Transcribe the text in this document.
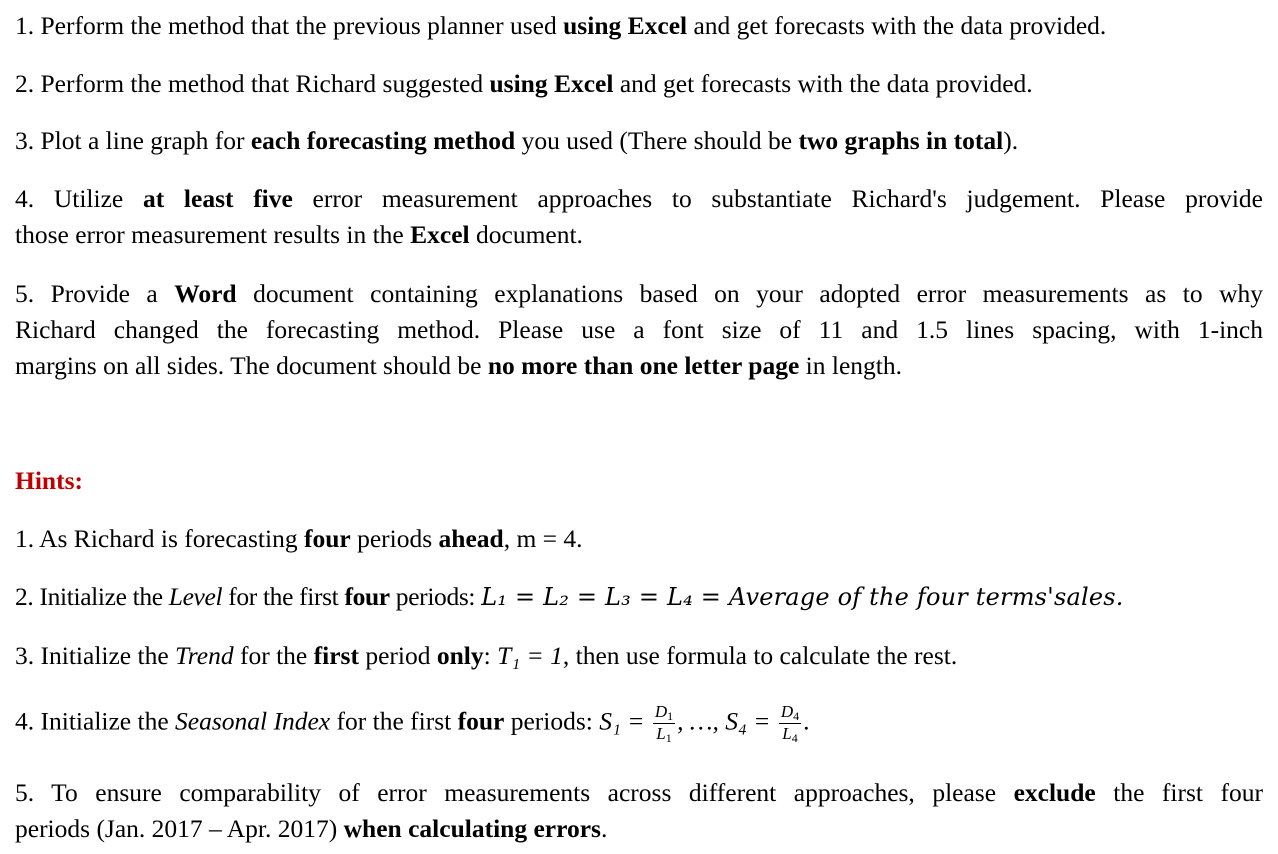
1. Perform the method that the previous planner used using Excel and get forecasts with the data provided.

2. Perform the method that Richard suggested using Excel and get forecasts with the data provided.

3. Plot a line graph for each forecasting method you used (There should be two graphs in total).

4. Utilize at least five error measurement approaches to substantiate Richard's judgement. Please provide
those error measurement results in the Excel document.
5. Provide a Word document containing explanations based on your adopted error measurements as to why
Richard changed the forecasting method. Please use a font size of 11 and 1.5 lines spacing, with 1-inch
margins on all sides. The document should be no more than one letter page in length.

Hints:

1. As Richard is forecasting four periods ahead, m = 4.

2. Initialize the Level for the first four periods: L₁ = L₂ = L₃ = L₄ = Average of the four terms'sales.

3. Initialize the Trend for the first period only: T₁ = 1, then use formula to calculate the rest.

4. Initialize the Seasonal Index for the first four periods: $S_1 = \frac{D1}{L1}$ , …, $S_4 = \frac{D4}{L4}$ .

5. To ensure comparability of error measurements across different approaches, please exclude the first four
periods (Jan. 2017 – Apr. 2017) when calculating errors.
